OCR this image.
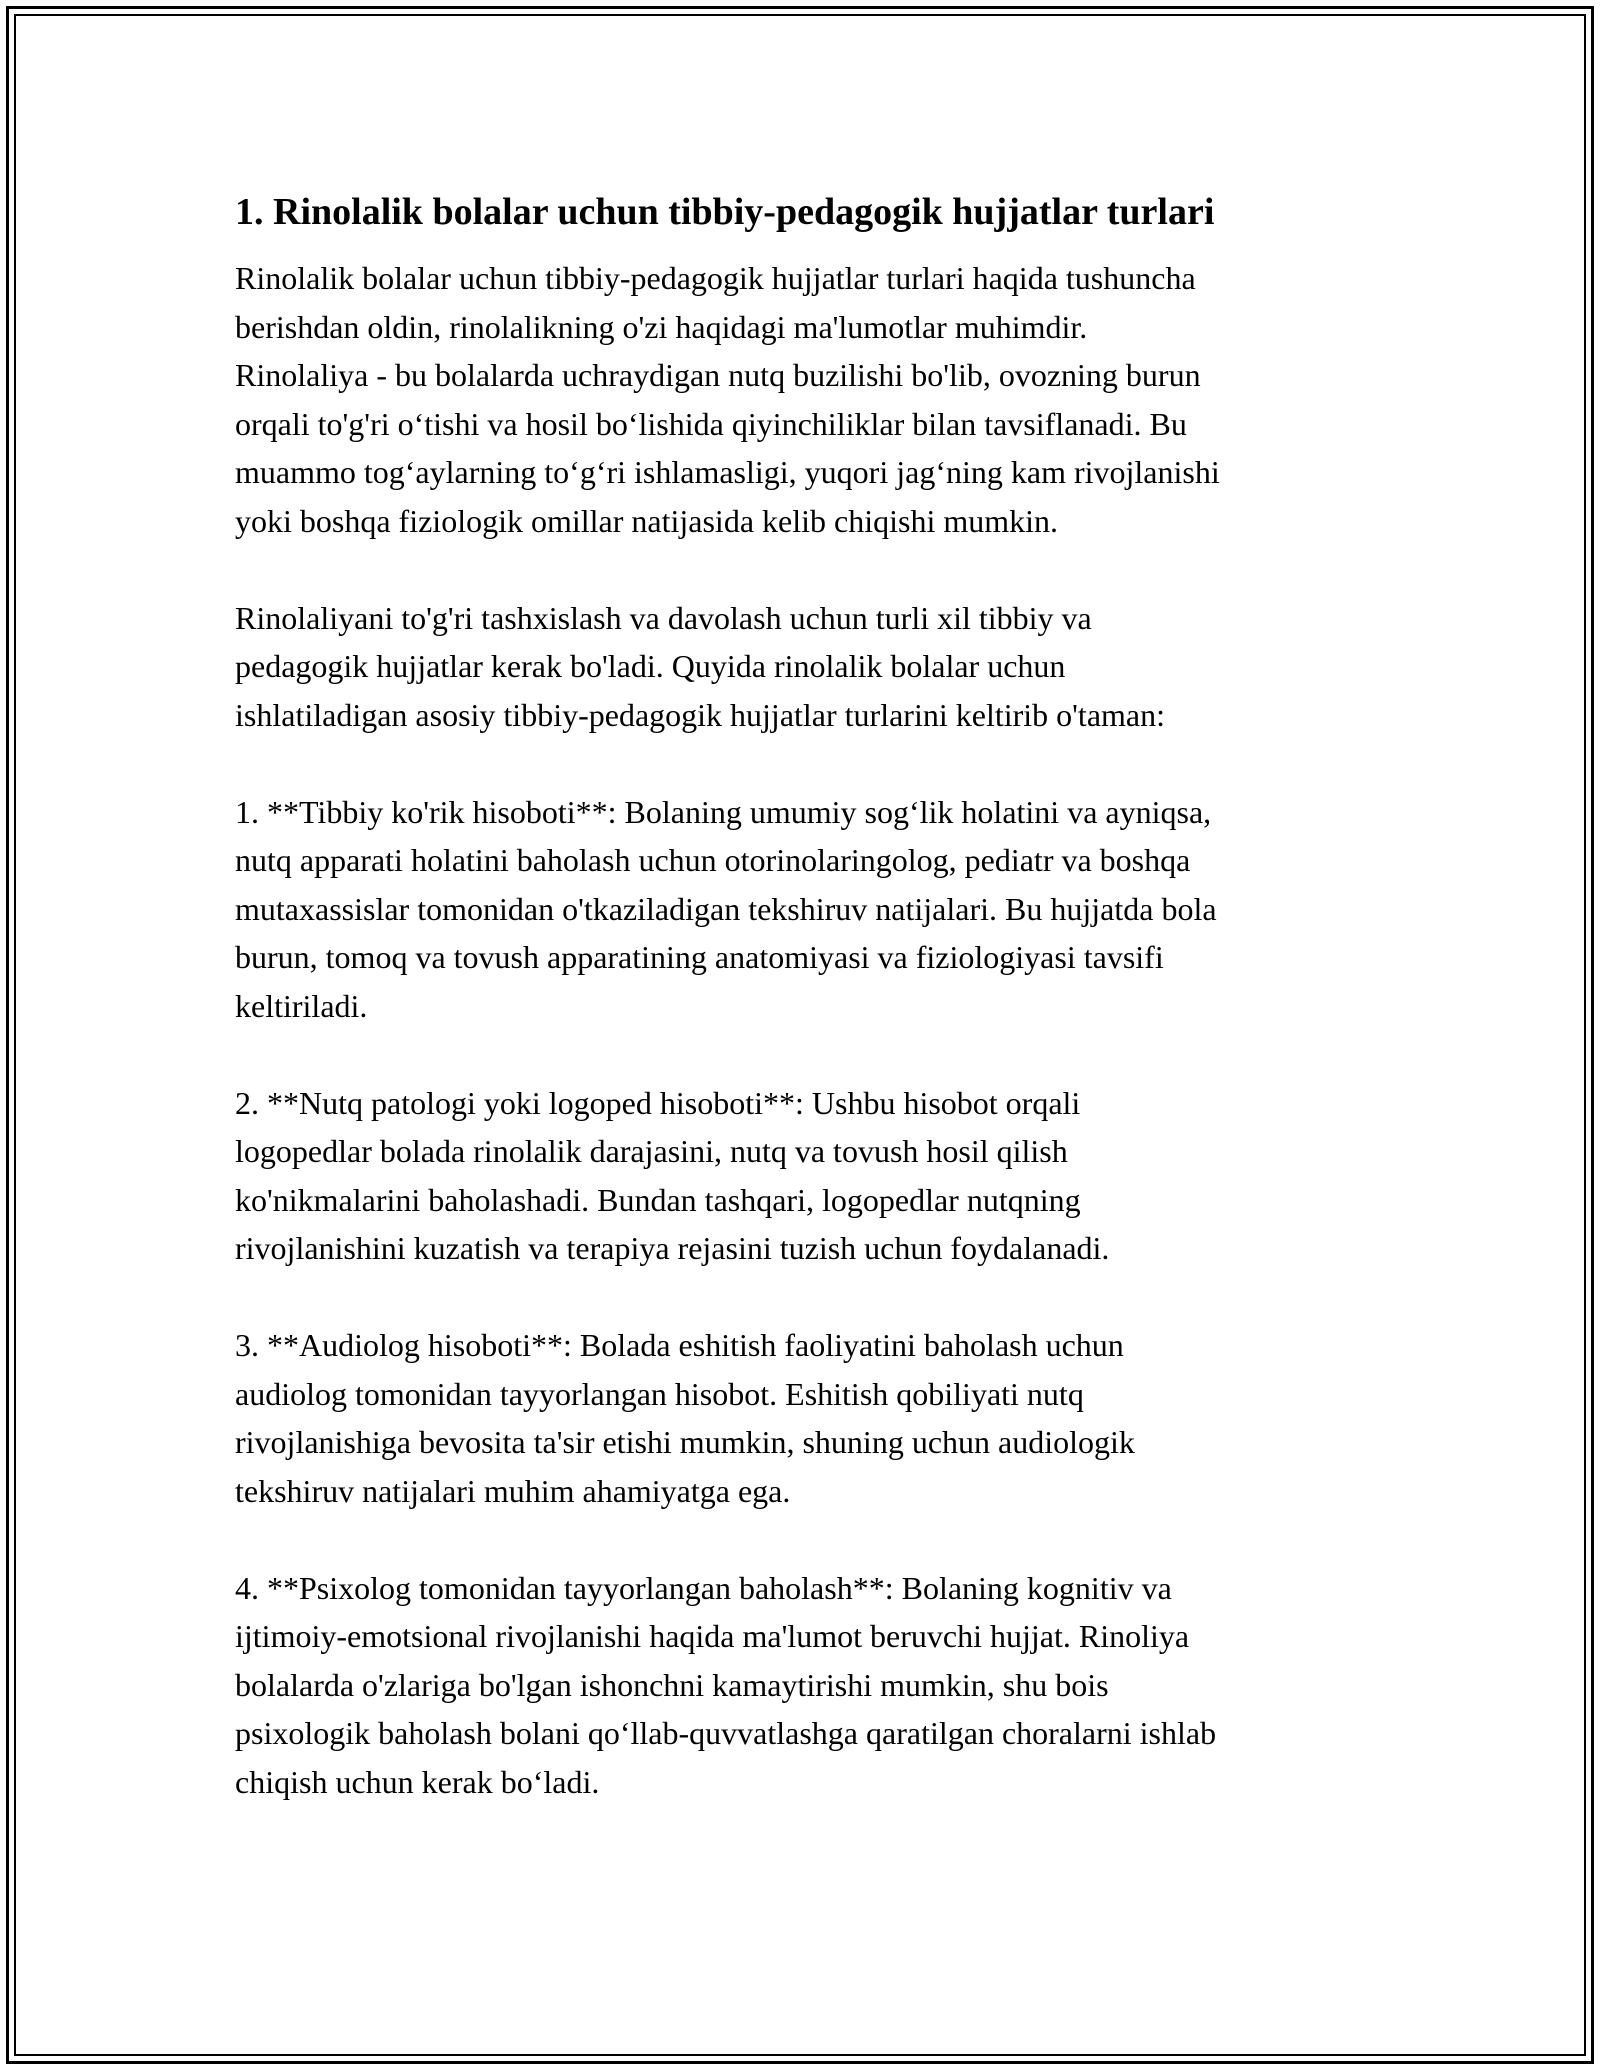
1. Rinolalik bolalar uchun tibbiy-pedagogik hujjatlar turlari

Rinolalik bolalar uchun tibbiy-pedagogik hujjatlar turlari haqida tushuncha
berishdan oldin, rinolalikning o'zi haqidagi ma'lumotlar muhimdir.
Rinolaliya - bu bolalarda uchraydigan nutq buzilishi bo'lib, ovozning burun
orqali to'g'ri o‘tishi va hosil bo‘lishida qiyinchiliklar bilan tavsiflanadi. Bu
muammo tog‘aylarning to‘g‘ri ishlamasligi, yuqori jag‘ning kam rivojlanishi
yoki boshqa fiziologik omillar natijasida kelib chiqishi mumkin.

Rinolaliyani to'g'ri tashxislash va davolash uchun turli xil tibbiy va
pedagogik hujjatlar kerak bo'ladi. Quyida rinolalik bolalar uchun
ishlatiladigan asosiy tibbiy-pedagogik hujjatlar turlarini keltirib o'taman:

1. **Tibbiy ko'rik hisoboti**: Bolaning umumiy sog‘lik holatini va ayniqsa,
nutq apparati holatini baholash uchun otorinolaringolog, pediatr va boshqa
mutaxassislar tomonidan o'tkaziladigan tekshiruv natijalari. Bu hujjatda bola
burun, tomoq va tovush apparatining anatomiyasi va fiziologiyasi tavsifi
keltiriladi.

2. **Nutq patologi yoki logoped hisoboti**: Ushbu hisobot orqali
logopedlar bolada rinolalik darajasini, nutq va tovush hosil qilish
ko'nikmalarini baholashadi. Bundan tashqari, logopedlar nutqning
rivojlanishini kuzatish va terapiya rejasini tuzish uchun foydalanadi.

3. **Audiolog hisoboti**: Bolada eshitish faoliyatini baholash uchun
audiolog tomonidan tayyorlangan hisobot. Eshitish qobiliyati nutq
rivojlanishiga bevosita ta'sir etishi mumkin, shuning uchun audiologik
tekshiruv natijalari muhim ahamiyatga ega.

4. **Psixolog tomonidan tayyorlangan baholash**: Bolaning kognitiv va
ijtimoiy-emotsional rivojlanishi haqida ma'lumot beruvchi hujjat. Rinoliya
bolalarda o'zlariga bo'lgan ishonchni kamaytirishi mumkin, shu bois
psixologik baholash bolani qo‘llab-quvvatlashga qaratilgan choralarni ishlab
chiqish uchun kerak bo‘ladi.
